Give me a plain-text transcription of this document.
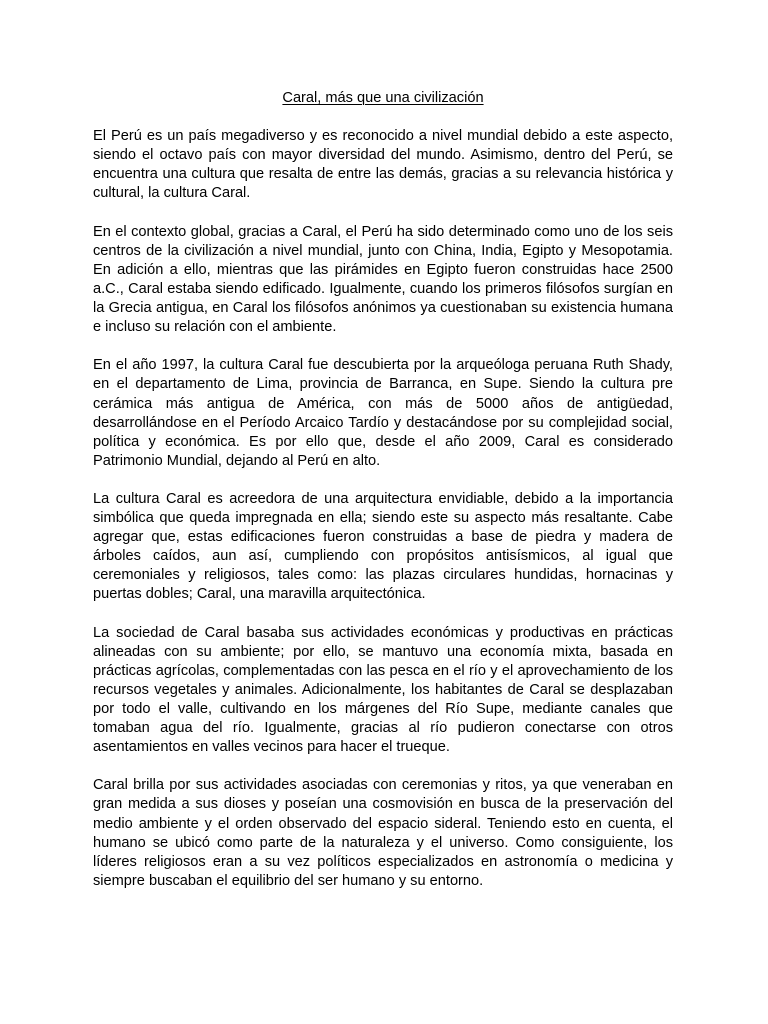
Caral, más que una civilización

El Perú es un país megadiverso y es reconocido a nivel mundial debido a este aspecto, siendo el octavo país con mayor diversidad del mundo. Asimismo, dentro del Perú, se encuentra una cultura que resalta de entre las demás, gracias a su relevancia histórica y cultural, la cultura Caral.

En el contexto global, gracias a Caral, el Perú ha sido determinado como uno de los seis centros de la civilización a nivel mundial, junto con China, India, Egipto y Mesopotamia. En adición a ello, mientras que las pirámides en Egipto fueron construidas hace 2500 a.C., Caral estaba siendo edificado. Igualmente, cuando los primeros filósofos surgían en la Grecia antigua, en Caral los filósofos anónimos ya cuestionaban su existencia humana e incluso su relación con el ambiente.

En el año 1997, la cultura Caral fue descubierta por la arqueóloga peruana Ruth Shady, en el departamento de Lima, provincia de Barranca, en Supe. Siendo la cultura pre cerámica más antigua de América, con más de 5000 años de antigüedad, desarrollándose en el Período Arcaico Tardío y destacándose por su complejidad social, política y económica. Es por ello que, desde el año 2009, Caral es considerado Patrimonio Mundial, dejando al Perú en alto.

La cultura Caral es acreedora de una arquitectura envidiable, debido a la importancia simbólica que queda impregnada en ella; siendo este su aspecto más resaltante. Cabe agregar que, estas edificaciones fueron construidas a base de piedra y madera de árboles caídos, aun así, cumpliendo con propósitos antisísmicos, al igual que ceremoniales y religiosos, tales como: las plazas circulares hundidas, hornacinas y puertas dobles; Caral, una maravilla arquitectónica.

La sociedad de Caral basaba sus actividades económicas y productivas en prácticas alineadas con su ambiente; por ello, se mantuvo una economía mixta, basada en prácticas agrícolas, complementadas con las pesca en el río y el aprovechamiento de los recursos vegetales y animales. Adicionalmente, los habitantes de Caral se desplazaban por todo el valle, cultivando en los márgenes del Río Supe, mediante canales que tomaban agua del río. Igualmente, gracias al río pudieron conectarse con otros asentamientos en valles vecinos para hacer el trueque.

Caral brilla por sus actividades asociadas con ceremonias y ritos, ya que veneraban en gran medida a sus dioses y poseían una cosmovisión en busca de la preservación del medio ambiente y el orden observado del espacio sideral. Teniendo esto en cuenta, el humano se ubicó como parte de la naturaleza y el universo. Como consiguiente, los líderes religiosos eran a su vez políticos especializados en astronomía o medicina y siempre buscaban el equilibrio del ser humano y su entorno.
